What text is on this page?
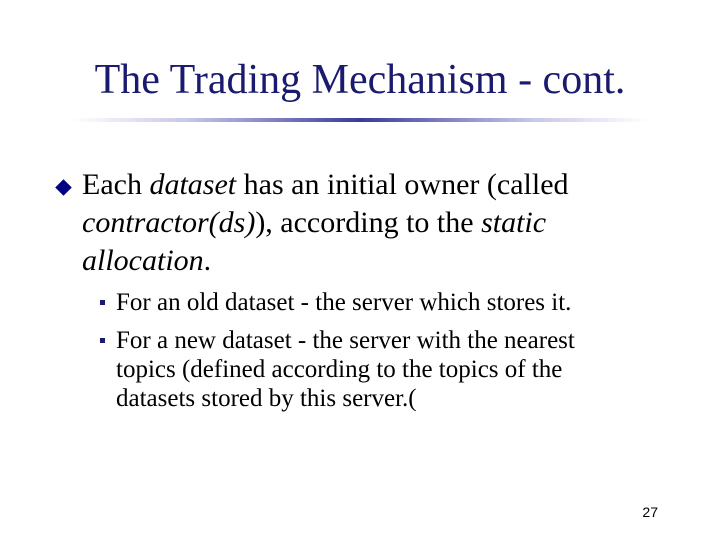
The Trading Mechanism - cont.
Each dataset has an initial owner (called
contractor(ds)), according to the static
allocation.
For an old dataset - the server which stores it.
For a new dataset - the server with the nearest
topics (defined according to the topics of the
datasets stored by this server.(
27
